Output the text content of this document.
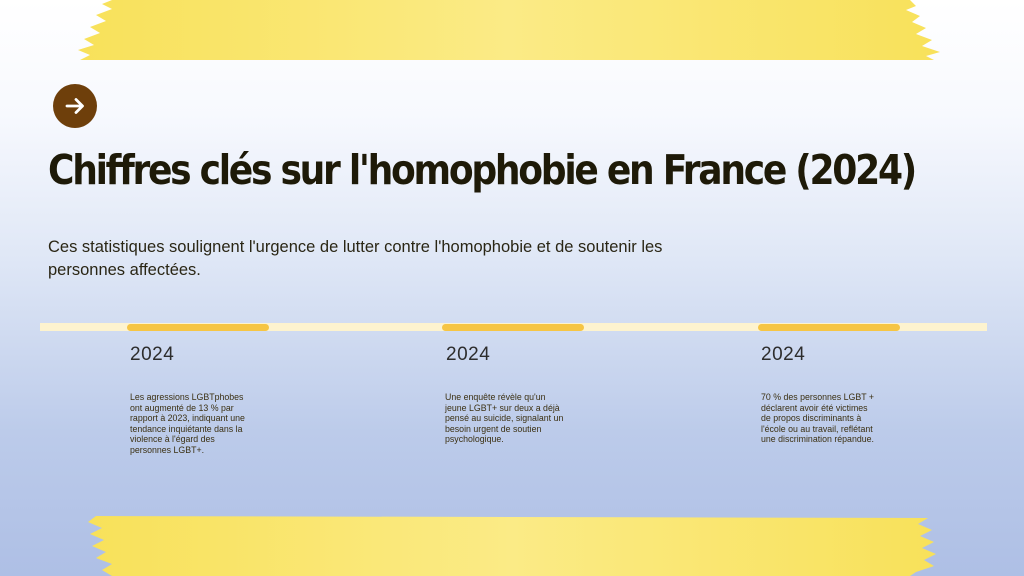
Chiffres clés sur l'homophobie en France (2024)

Ces statistiques soulignent l'urgence de lutter contre l'homophobie et de soutenir les personnes affectées.

2024	2024	2024
Les agressions LGBTphobes ont augmenté de 13 % par rapport à 2023, indiquant une tendance inquiétante dans la violence à l'égard des personnes LGBT+.
Une enquête révèle qu'un jeune LGBT+ sur deux a déjà pensé au suicide, signalant un besoin urgent de soutien psychologique.
70 % des personnes LGBT + déclarent avoir été victimes de propos discriminants à l'école ou au travail, reflétant une discrimination répandue.
